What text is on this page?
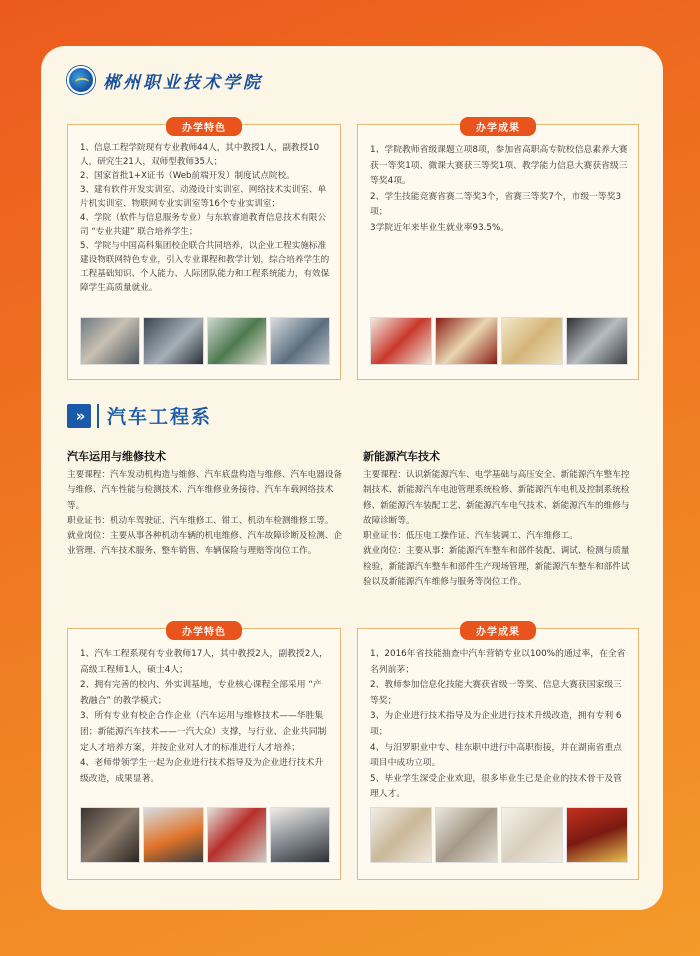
郴州职业技术学院
办学特色

1、信息工程学院现有专业教师44人，其中教授1人，副教授10人，研究生21人，双师型教师35人；

2、国家首批1+X证书（Web前端开发）制度试点院校。

3、建有软件开发实训室、动漫设计实训室、网络技术实训室、单片机实训室、物联网专业实训室等16个专业实训室；

4、学院（软件与信息服务专业）与东软睿道教育信息技术有限公司 “专业共建” 联合培养学生；

5、学院与中国高科集团校企联合共同培养，以企业工程实施标准建设物联网特色专业，引入专业课程和教学计划，综合培养学生的工程基础知识、个人能力、人际团队能力和工程系统能力，有效保障学生高质量就业。

办学成果

1、学院教师省级课题立项8项，参加省高职高专院校信息素养大赛获一等奖1项、微课大赛获三等奖1项、教学能力信息大赛获省级三等奖4项。

2、学生技能竞赛省赛二等奖3个，省赛三等奖7个，市级一等奖3项；

3学院近年来毕业生就业率93.5%。

»	汽车工程系
汽车运用与维修技术

主要课程：汽车发动机构造与维修、汽车底盘构造与维修、汽车电器设备与维修、汽车性能与检测技术、汽车维修业务接待、汽车车载网络技术等。

职业证书：机动车驾驶证、汽车维修工、钳工、机动车检测维修工等。

就业岗位：主要从事各种机动车辆的机电维修、汽车故障诊断及检测、企业管理、汽车技术服务、整车销售、车辆保险与理赔等岗位工作。

新能源汽车技术

主要课程：认识新能源汽车、电学基础与高压安全、新能源汽车整车控制技术、新能源汽车电池管理系统检修、新能源汽车电机及控制系统检修、新能源汽车装配工艺、新能源汽车电气技术、新能源汽车的维修与故障诊断等。

职业证书：低压电工操作证、汽车装调工、汽车维修工。

就业岗位：主要从事：新能源汽车整车和部件装配、调试、检测与质量检验，新能源汽车整车和部件生产现场管理，新能源汽车整车和部件试验以及新能源汽车维修与服务等岗位工作。

办学特色

1、汽车工程系现有专业教师17人，其中教授2人，副教授2人，高级工程师1人，硕士4人；

2、拥有完善的校内、外实训基地，专业核心课程全部采用 “产教融合” 的教学模式；

3、所有专业有校企合作企业（汽车运用与维修技术——华胜集团；新能源汽车技术——一汽大众）支撑，与行业、企业共同制定人才培养方案，并按企业对人才的标准进行人才培养；

4、老师带领学生一起为企业进行技术指导及为企业进行技术升级改造，成果显著。

办学成果

1、2016年省技能抽查中汽车营销专业以100%的通过率，在全省名列前茅；

2、教师参加信息化技能大赛获省级一等奖、信息大赛获国家级三等奖；

3、为企业进行技术指导及为企业进行技术升级改造，拥有专利 6 项；

4、与汨罗职业中专、桂东职中进行中高职衔接，并在湖南省重点项目中成功立项。

5、毕业学生深受企业欢迎，很多毕业生已是企业的技术骨干及管理人才。
